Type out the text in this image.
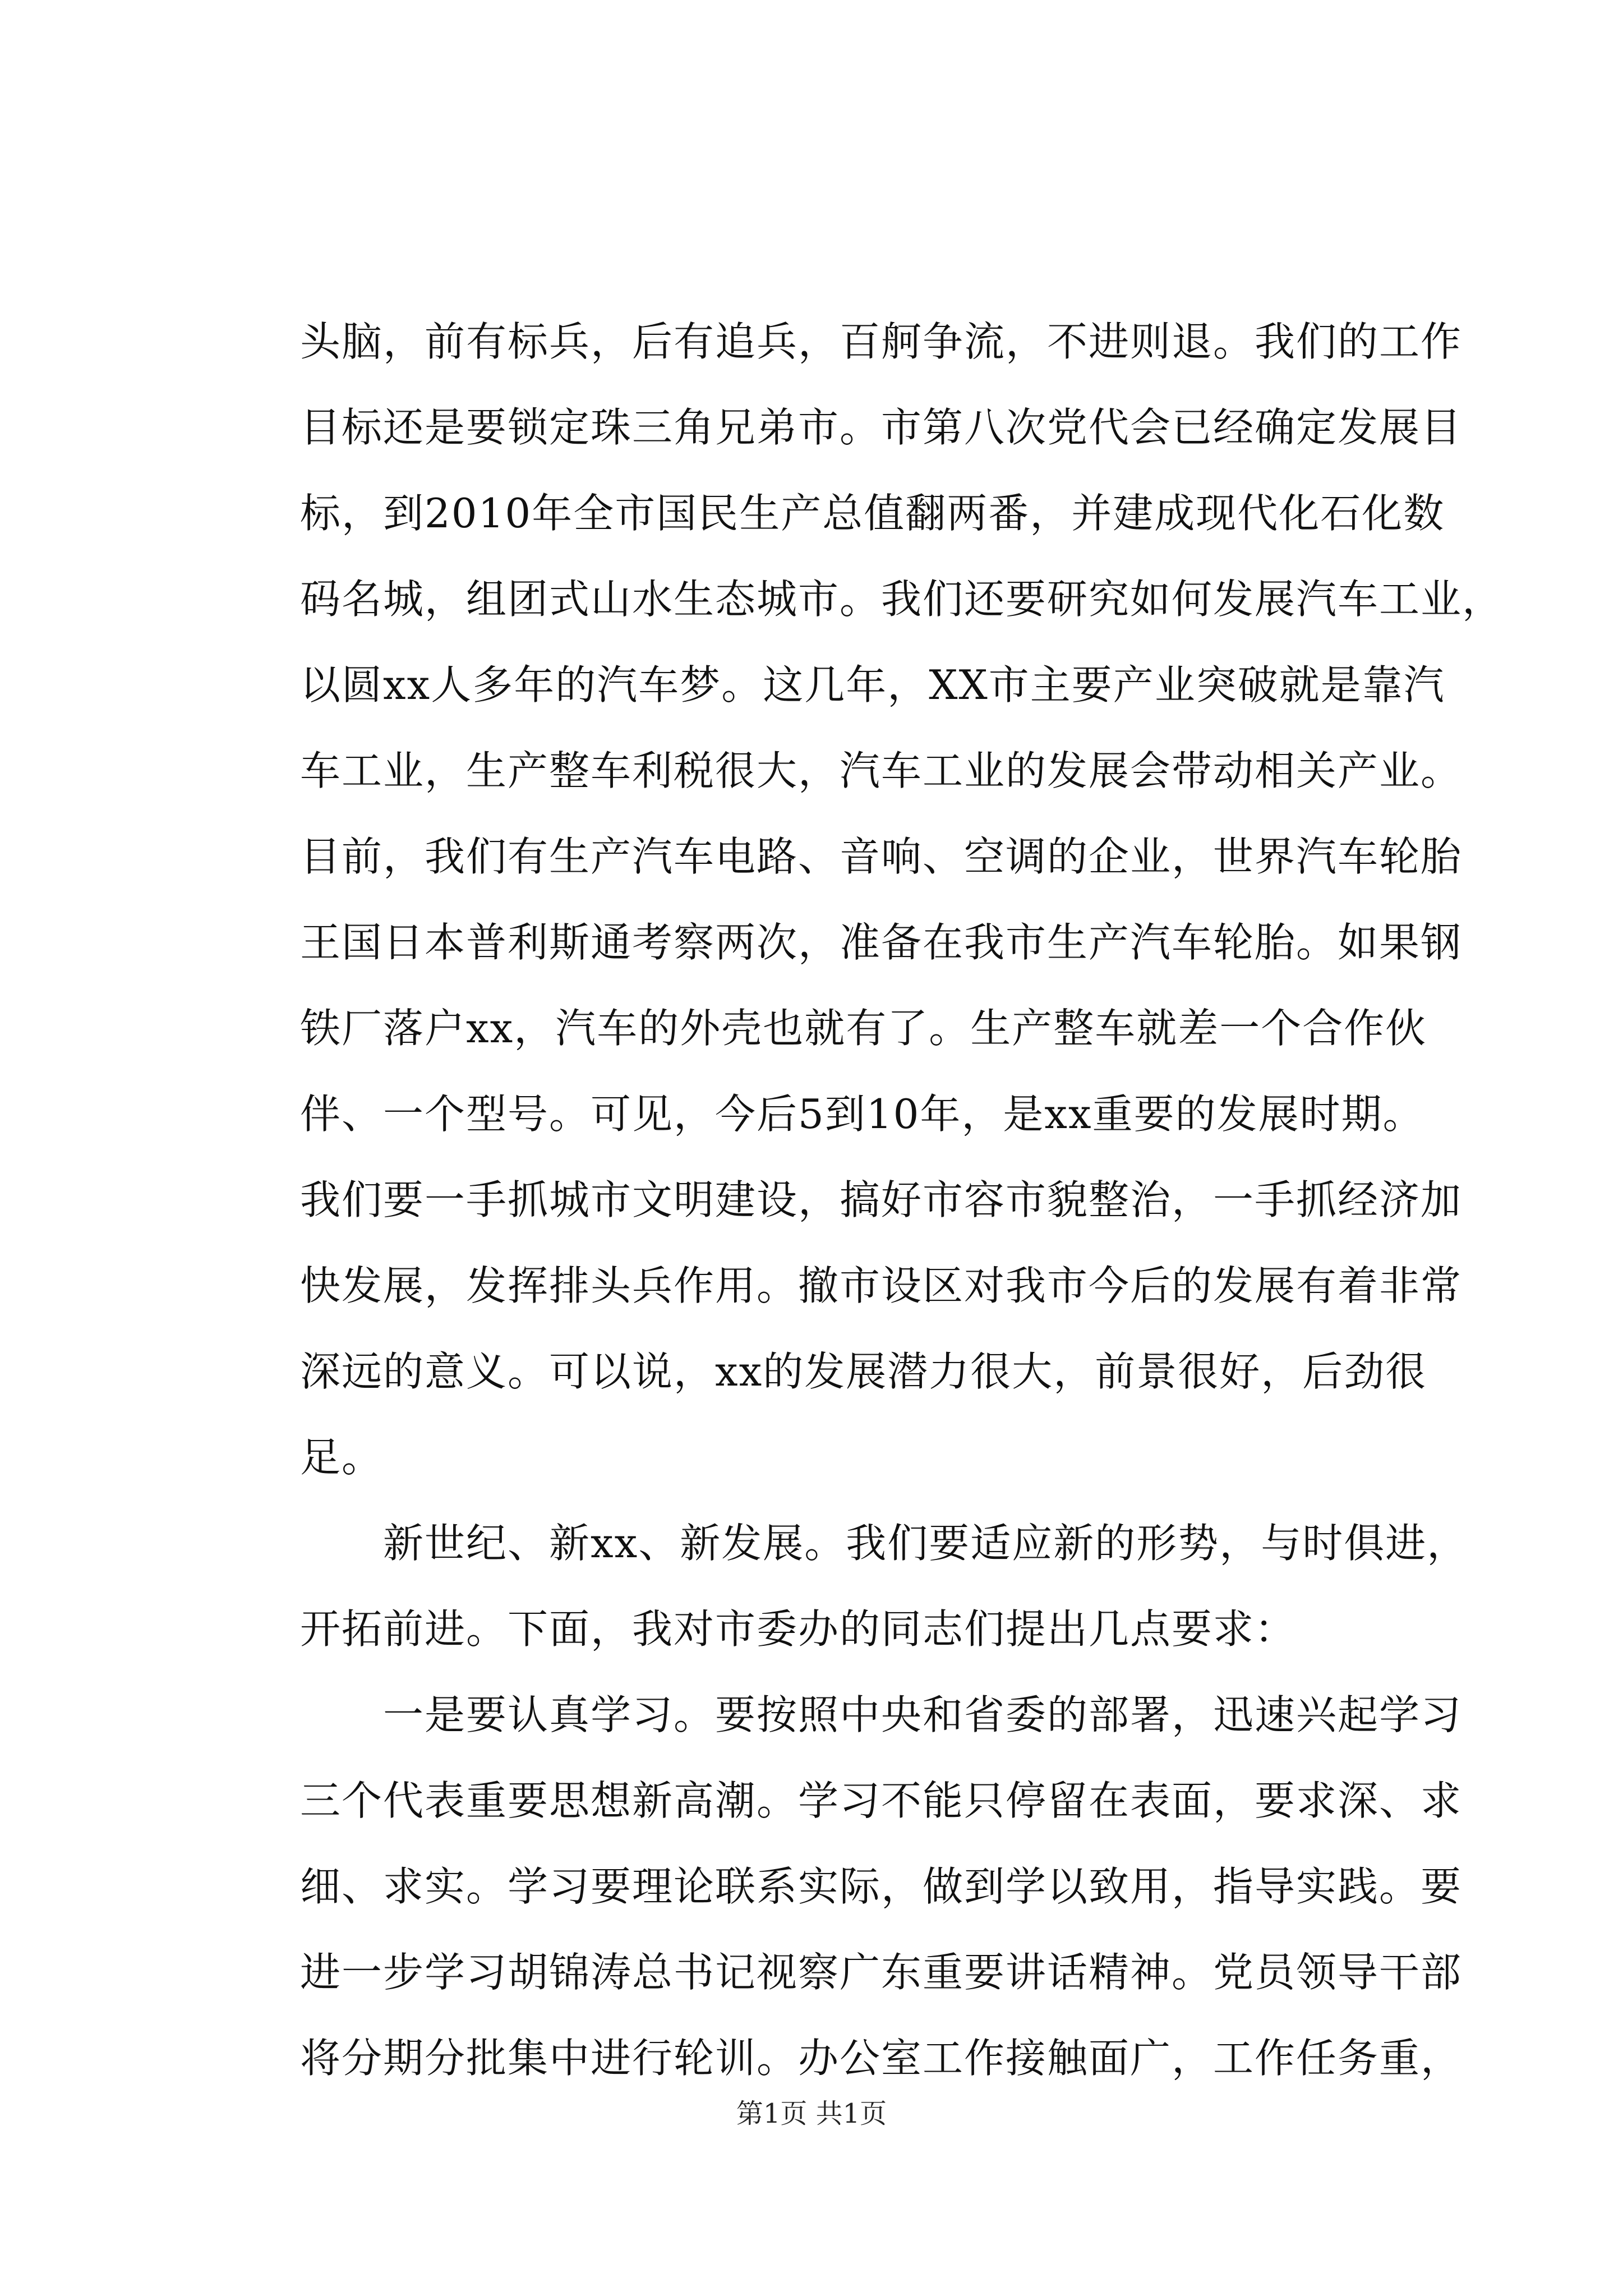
头脑，前有标兵，后有追兵，百舸争流，不进则退。我们的工作
目标还是要锁定珠三角兄弟市。市第八次党代会已经确定发展目
标，到2010年全市国民生产总值翻两番，并建成现代化石化数
码名城，组团式山水生态城市。我们还要研究如何发展汽车工业，
以圆xx人多年的汽车梦。这几年，XX市主要产业突破就是靠汽
车工业，生产整车利税很大，汽车工业的发展会带动相关产业。
目前，我们有生产汽车电路、音响、空调的企业，世界汽车轮胎
王国日本普利斯通考察两次，准备在我市生产汽车轮胎。如果钢
铁厂落户xx，汽车的外壳也就有了。生产整车就差一个合作伙
伴、一个型号。可见，今后5到10年，是xx重要的发展时期。
我们要一手抓城市文明建设，搞好市容市貌整治，一手抓经济加
快发展，发挥排头兵作用。撤市设区对我市今后的发展有着非常
深远的意义。可以说，xx的发展潜力很大，前景很好，后劲很
足。
　　新世纪、新xx、新发展。我们要适应新的形势，与时俱进，
开拓前进。下面，我对市委办的同志们提出几点要求：
　　一是要认真学习。要按照中央和省委的部署，迅速兴起学习
三个代表重要思想新高潮。学习不能只停留在表面，要求深、求
细、求实。学习要理论联系实际，做到学以致用，指导实践。要
进一步学习胡锦涛总书记视察广东重要讲话精神。党员领导干部
将分期分批集中进行轮训。办公室工作接触面广，工作任务重，
第1页 共1页
